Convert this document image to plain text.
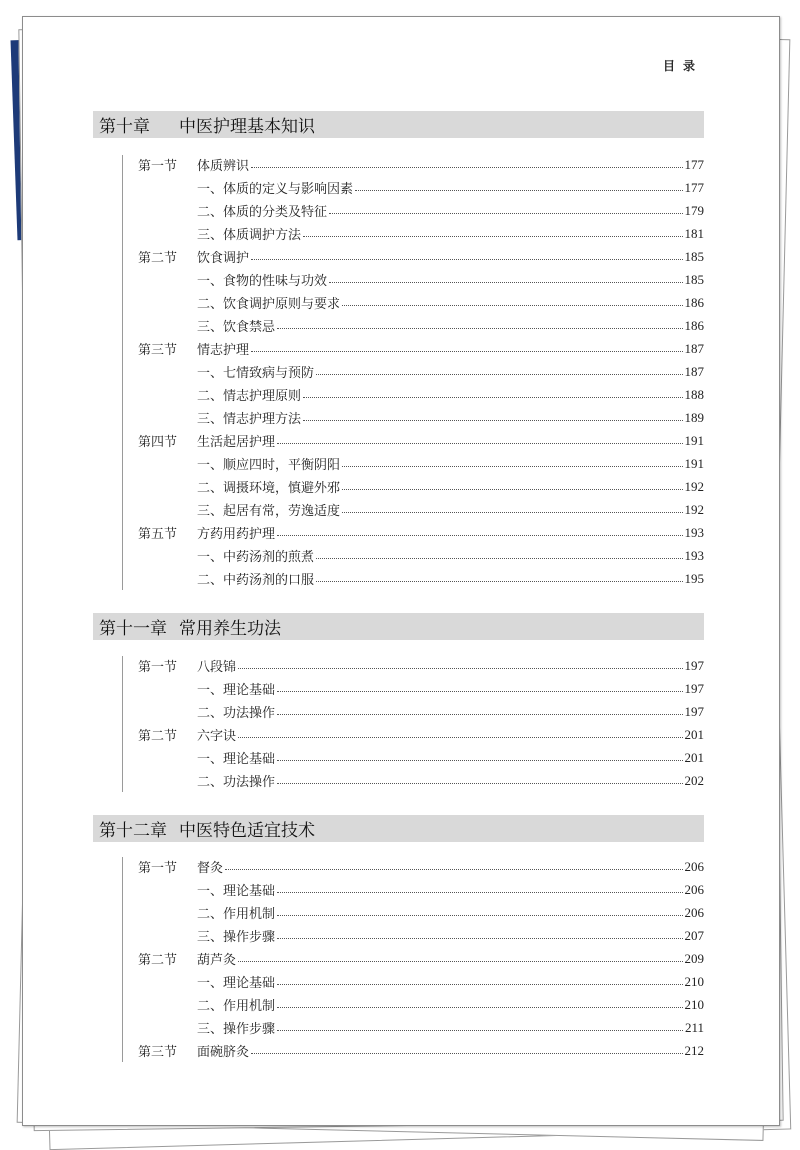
目录
第十章	中医护理基本知识
第一节	体质辨识	177
一、体质的定义与影响因素	177
二、体质的分类及特征	179
三、体质调护方法	181
第二节	饮食调护	185
一、食物的性味与功效	185
二、饮食调护原则与要求	186
三、饮食禁忌	186
第三节	情志护理	187
一、七情致病与预防	187
二、情志护理原则	188
三、情志护理方法	189
第四节	生活起居护理	191
一、顺应四时，平衡阴阳	191
二、调摄环境，慎避外邪	192
三、起居有常，劳逸适度	192
第五节	方药用药护理	193
一、中药汤剂的煎煮	193
二、中药汤剂的口服	195
第十一章 常用养生功法
第一节	八段锦	197
一、理论基础	197
二、功法操作	197
第二节	六字诀	201
一、理论基础	201
二、功法操作	202
第十二章 中医特色适宜技术
第一节	督灸	206
一、理论基础	206
二、作用机制	206
三、操作步骤	207
第二节	葫芦灸	209
一、理论基础	210
二、作用机制	210
三、操作步骤	211
第三节	面碗脐灸	212
